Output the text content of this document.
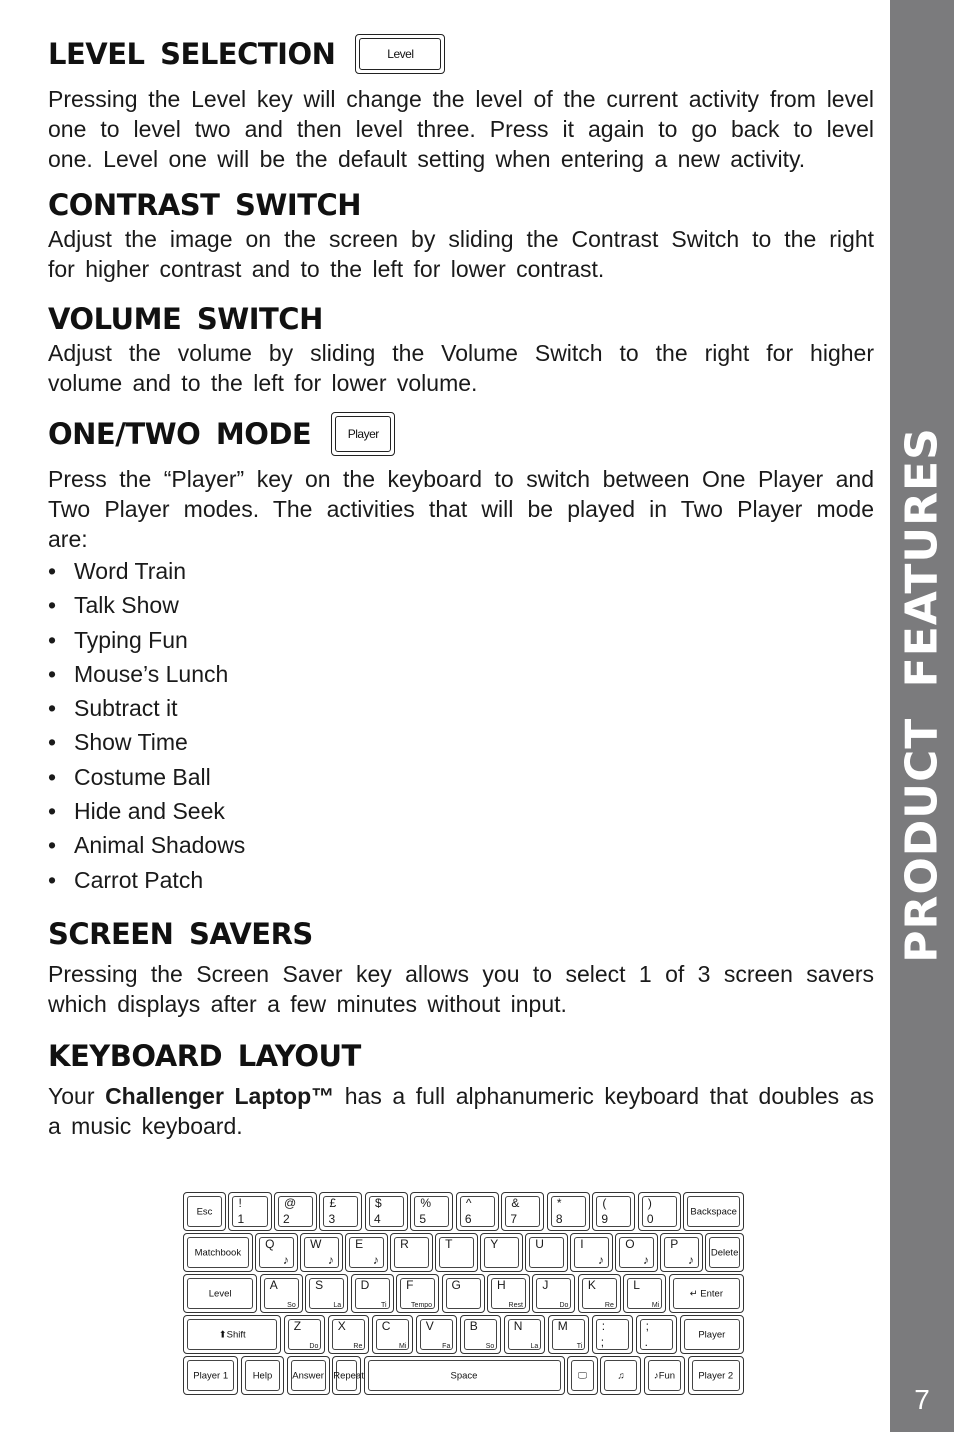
LEVEL SELECTION	Level

Pressing the Level key will change the level of the current activity from level one to level two and then level three. Press it again to go back to level one. Level one will be the default setting when entering a new activity.

CONTRAST SWITCH

Adjust the image on the screen by sliding the Contrast Switch to the right for higher contrast and to the left for lower contrast.

VOLUME SWITCH

Adjust the volume by sliding the Volume Switch to the right for higher volume and to the left for lower volume.

ONE/TWO MODE	Player

Press the “Player” key on the keyboard to switch between One Player and Two Player modes. The activities that will be played in Two Player mode are:

• Word Train
• Talk Show
• Typing Fun
• Mouse’s Lunch
• Subtract it
• Show Time
• Costume Ball
• Hide and Seek
• Animal Shadows
• Carrot Patch
SCREEN SAVERS

Pressing the Screen Saver key allows you to select 1 of 3 screen savers which displays after a few minutes without input.

KEYBOARD LAYOUT

Your Challenger Laptop™ has a full alphanumeric keyboard that doubles as a music keyboard.

Esc
!
1
@
2
£
3
$
4
%
5
^
6
&
7
*
8
(
9
)
0
Backspace
Matchbook
Q
♪
W
♪
E
♪
R	T	Y	U	I
♪
O
♪
P
♪
Delete
Level
A
So
S
La
D
Ti
F
Tempo
G	H
Rest
J
Do
K
Re
L
Mi
↵ Enter
⬆Shift
Z
Do
X
Re
C
Mi
V
Fa
B
So
N
La
M
Ti
:
;
;
.
Player
Player 1	Help	Answer Repeat	Space	🖵	♫	♪Fun	Player 2
PRODUCT FEATURES
7
